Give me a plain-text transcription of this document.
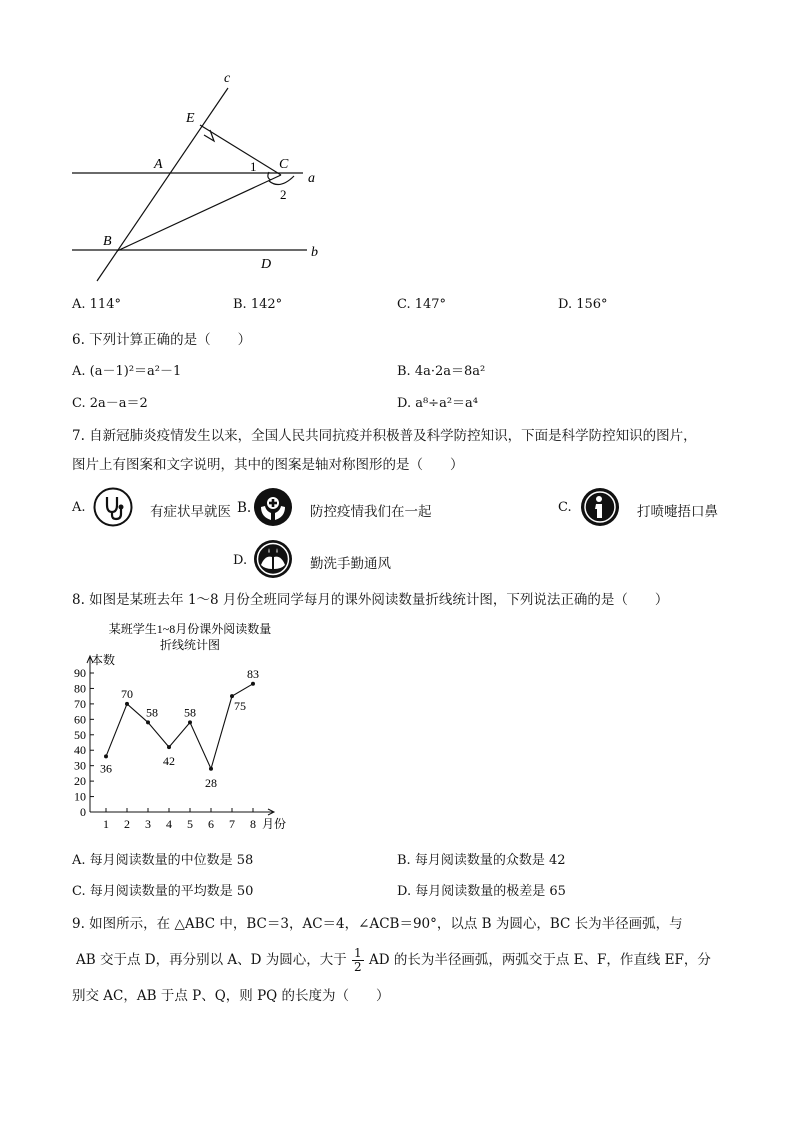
c
E
A	C
a
1
2
B
D
b
A. 114°	B. 142°	C. 147°	D. 156°
6. 下列计算正确的是（　　）
A. (a－1)²＝a²－1	B. 4a·2a＝8a²
C. 2a－a＝2	D. a⁸÷a²＝a⁴
7. 自新冠肺炎疫情发生以来，全国人民共同抗疫并积极普及科学防控知识，下面是科学防控知识的图片，
图片上有图案和文字说明，其中的图案是轴对称图形的是（　　）
A.	有症状早就医 B.	防控疫情我们在一起	C.	打喷嚏捂口鼻
D.	勤洗手勤通风
8. 如图是某班去年 1～8 月份全班同学每月的课外阅读数量折线统计图，下列说法正确的是（　　）
某班学生1~8月份课外阅读数量
折线统计图
本数
月份
0
10
20
30
40
50
60
70
80
90
1 2 3 4 5 6 7 8
36
70
58
42
58
28
75
83
A. 每月阅读数量的中位数是 58	B. 每月阅读数量的众数是 42
C. 每月阅读数量的平均数是 50	D. 每月阅读数量的极差是 65
9. 如图所示，在 △ABC 中，BC＝3，AC＝4，∠ACB＝90°，以点 B 为圆心，BC 长为半径画弧，与
AB 交于点 D，再分别以 A、D 为圆心，大于 $\frac{1}{2}$ AD 的长为半径画弧，两弧交于点 E、F，作直线 EF，分
别交 AC，AB 于点 P、Q，则 PQ 的长度为（　　）
